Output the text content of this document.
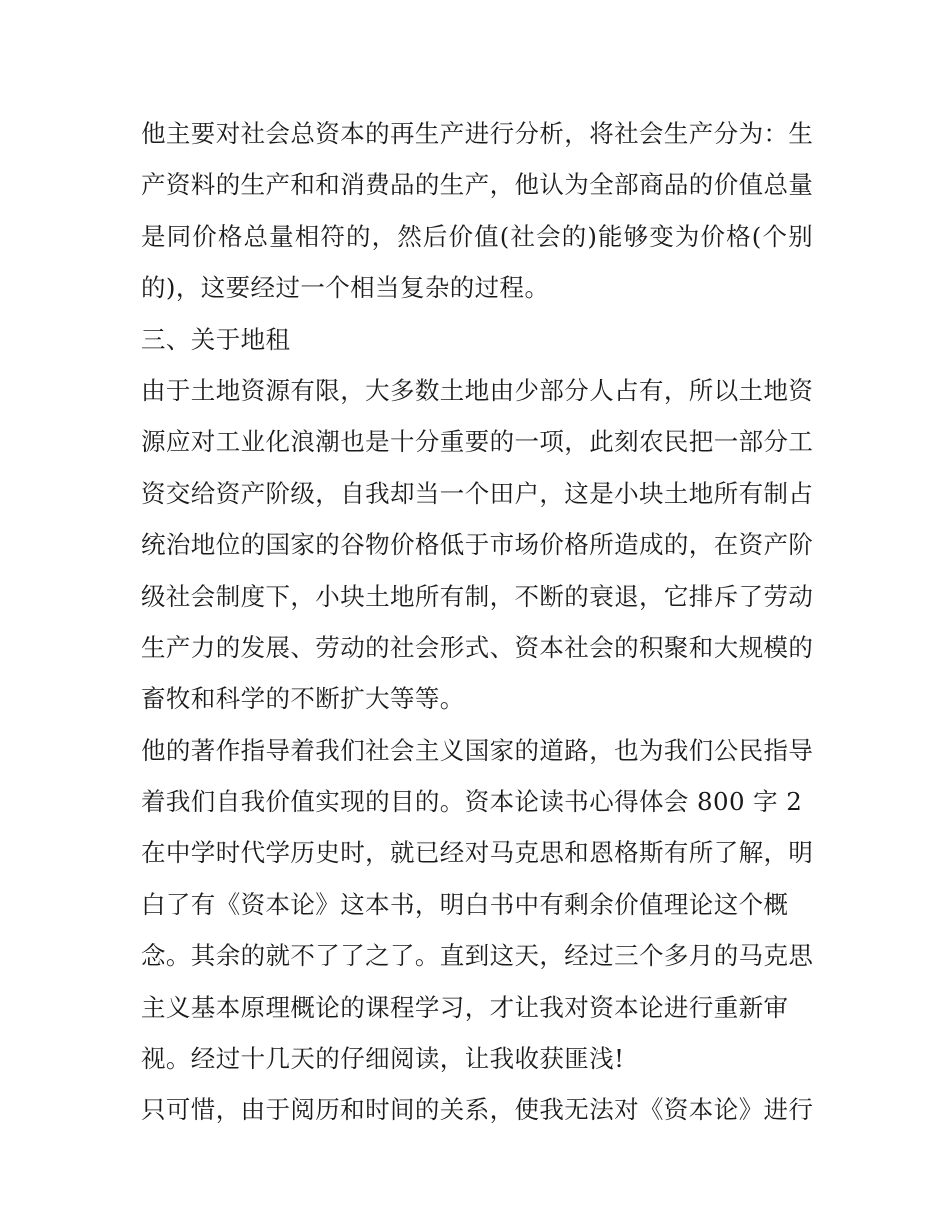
他主要对社会总资本的再生产进行分析，将社会生产分为：生
产资料的生产和和消费品的生产，他认为全部商品的价值总量
是同价格总量相符的，然后价值(社会的)能够变为价格(个别
的)，这要经过一个相当复杂的过程。
三、关于地租
由于土地资源有限，大多数土地由少部分人占有，所以土地资
源应对工业化浪潮也是十分重要的一项，此刻农民把一部分工
资交给资产阶级，自我却当一个田户，这是小块土地所有制占
统治地位的国家的谷物价格低于市场价格所造成的，在资产阶
级社会制度下，小块土地所有制，不断的衰退，它排斥了劳动
生产力的发展、劳动的社会形式、资本社会的积聚和大规模的
畜牧和科学的不断扩大等等。
他的著作指导着我们社会主义国家的道路，也为我们公民指导
着我们自我价值实现的目的。资本论读书心得体会 800 字 2
在中学时代学历史时，就已经对马克思和恩格斯有所了解，明
白了有《资本论》这本书，明白书中有剩余价值理论这个概
念。其余的就不了了之了。直到这天，经过三个多月的马克思
主义基本原理概论的课程学习，才让我对资本论进行重新审
视。经过十几天的仔细阅读，让我收获匪浅!
只可惜，由于阅历和时间的关系，使我无法对《资本论》进行
